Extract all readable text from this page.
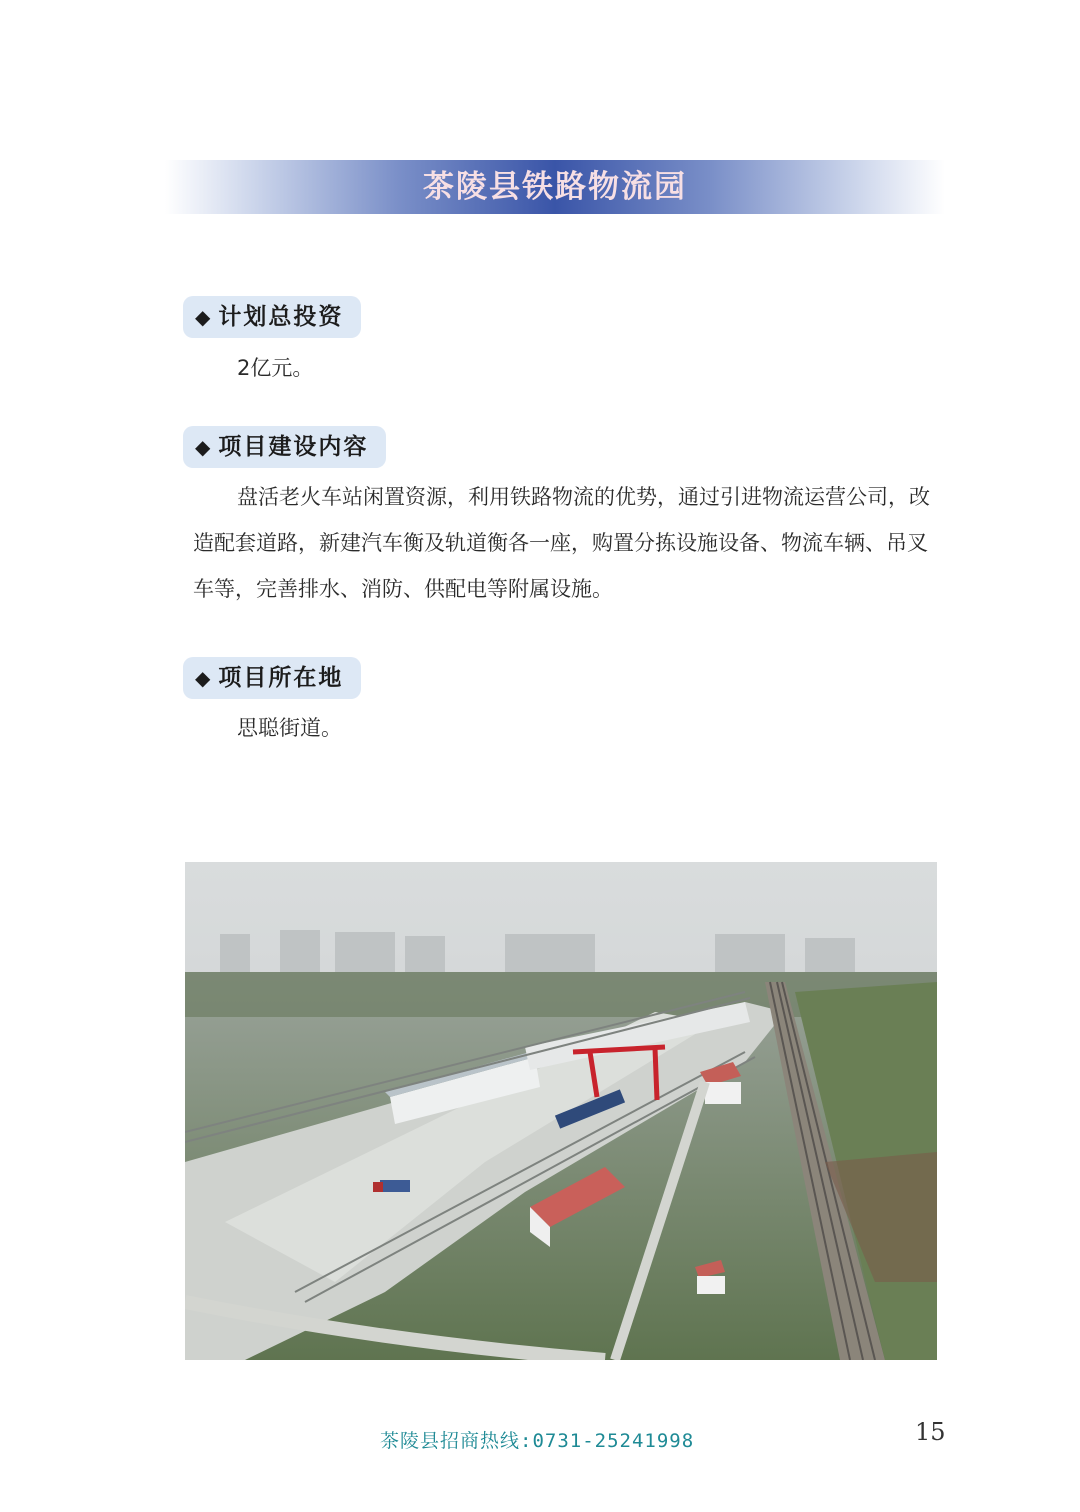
茶陵县铁路物流园
◆ 计划总投资
2亿元。
◆ 项目建设内容
盘活老火车站闲置资源，利用铁路物流的优势，通过引进物流运营公司，改造配套道路，新建汽车衡及轨道衡各一座，购置分拣设施设备、物流车辆、吊叉车等，完善排水、消防、供配电等附属设施。
◆ 项目所在地
思聪街道。
茶陵县招商热线:0731-25241998	15
